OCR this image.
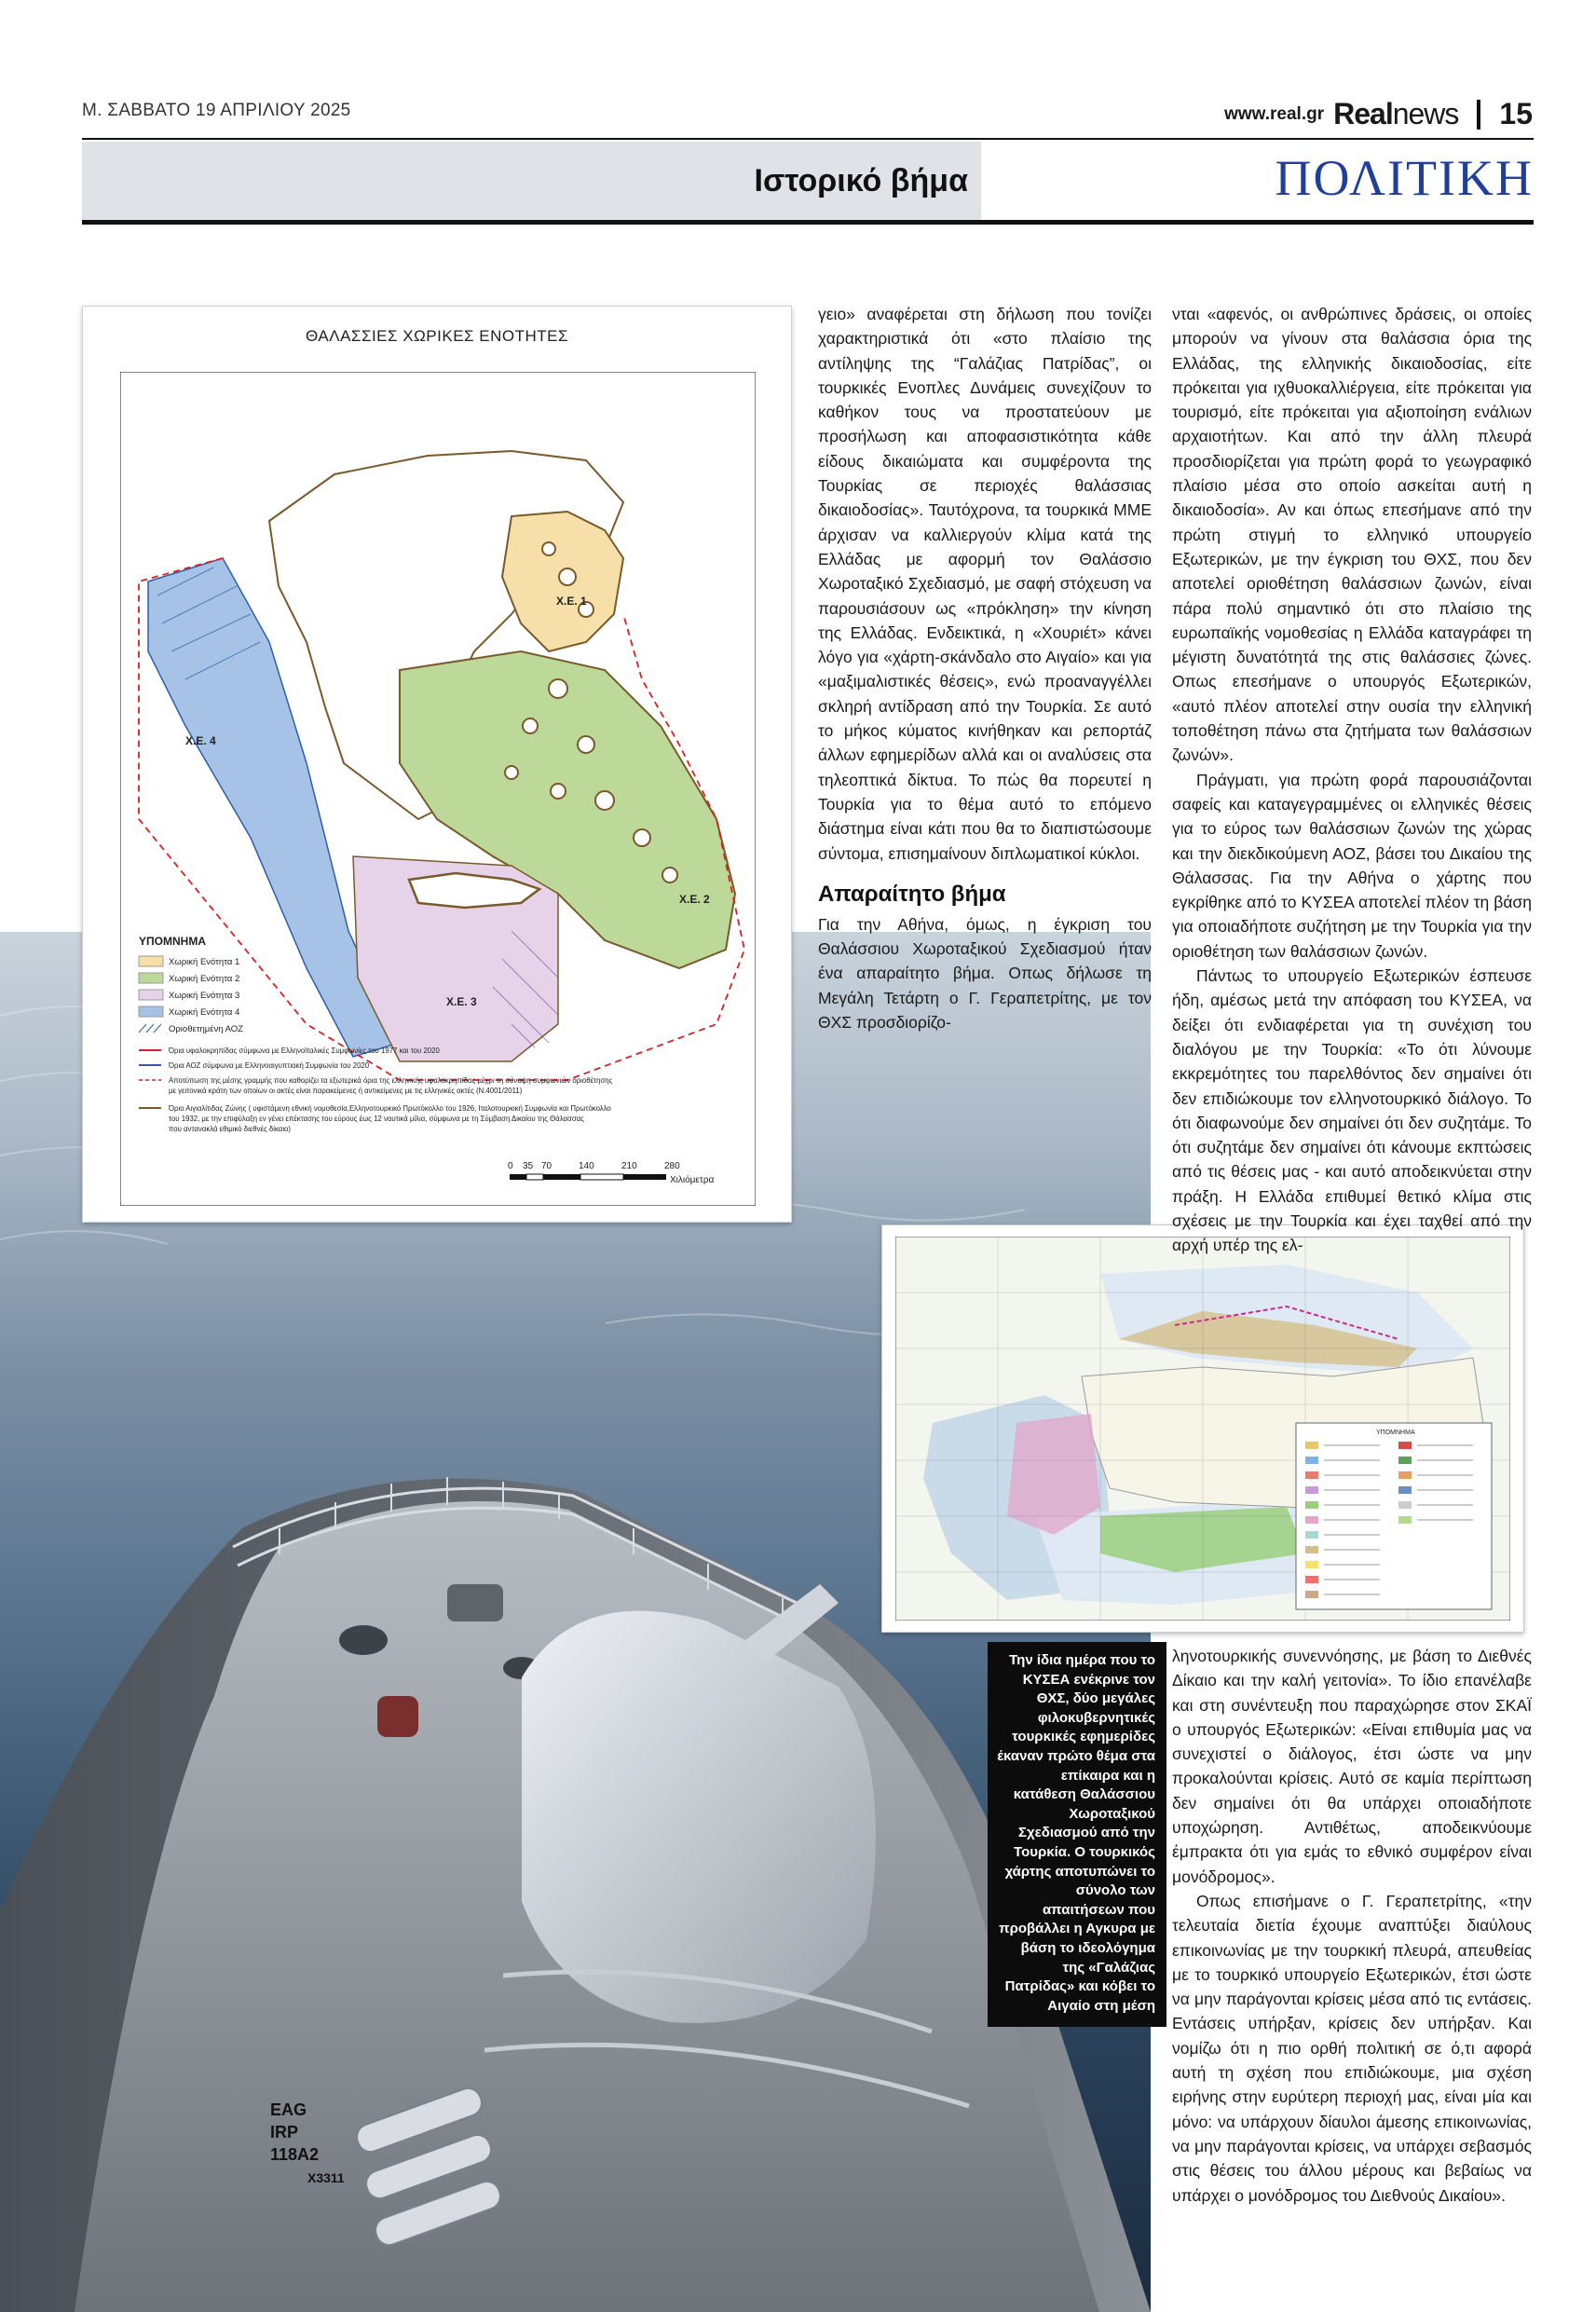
Μ. ΣΑΒΒΑΤΟ 19 ΑΠΡΙΛΙΟΥ 2025	www.real.gr Realnews 15
Ιστορικό βήμα	ΠΟΛΙΤΙΚΗ
EAG
IRP
118A2
X3311
ΘΑΛΑΣΣΙΕΣ ΧΩΡΙΚΕΣ ΕΝΟΤΗΤΕΣ
Χ.Ε. 1
Χ.Ε. 2
Χ.Ε. 3
Χ.Ε. 4
ΥΠΟΜΝΗΜΑ
Χωρική Ενότητα 1
Χωρική Ενότητα 2
Χωρική Ενότητα 3
Χωρική Ενότητα 4
Οριοθετημένη ΑΟΖ
Όρια υφαλοκρηπίδας σύμφωνα με Ελληνοϊταλικές Συμφωνίες του 1977 και του 2020
Όρια ΑΟΖ σύμφωνα με Ελληνοαιγυπτιακή Συμφωνία του 2020
Αποτύπωση της μέσης γραμμής που καθορίζει τα εξωτερικά όρια της ελληνικής υφαλοκρηπίδας μέχρι τη σύναψη συμφωνιών οριοθέτησης
με γειτονικά κράτη των οποίων οι ακτές είναι παρακείμενες ή αντικείμενες με τις ελληνικές ακτές (Ν.4001/2011)
Όριο Αιγιαλίτιδας Ζώνης ( υφιστάμενη εθνική νομοθεσία,Ελληνοτουρκικό Πρωτόκολλο του 1926, Ιταλοτουρκική Συμφωνία και Πρωτόκολλο
του 1932, με την επιφύλαξη εν γένει επέκτασης του εύρους έως 12 ναυτικά μίλια, σύμφωνα με τη Σύμβαση Δικαίου της Θάλασσας
που αντανακλά εθιμικό διεθνές δίκαιο)
0 35 70	140	210	280
Χιλιόμετρα
ΥΠΟΜΝΗΜΑ

γειο» αναφέρεται στη δήλωση που τονίζει χαρακτηριστικά ότι «στο πλαίσιο της αντίληψης της “Γαλάζιας Πατρίδας”, οι τουρκικές Ενοπλες Δυνάμεις συνεχίζουν το καθήκον τους να προστατεύουν με προσήλωση και αποφασιστικότητα κάθε είδους δικαιώματα και συμφέροντα της Τουρκίας σε περιοχές θαλάσσιας δικαιοδοσίας». Ταυτόχρονα, τα τουρκικά ΜΜΕ άρχισαν να καλλιεργούν κλίμα κατά της Ελλάδας με αφορμή τον Θαλάσσιο Χωροταξικό Σχεδιασμό, με σαφή στόχευση να παρουσιάσουν ως «πρόκληση» την κίνηση της Ελλάδας. Ενδεικτικά, η «Χουριέτ» κάνει λόγο για «χάρτη-σκάνδαλο στο Αιγαίο» και για «μαξιμαλιστικές θέσεις», ενώ προαναγγέλλει σκληρή αντίδραση από την Τουρκία. Σε αυτό το μήκος κύματος κινήθηκαν και ρεπορτάζ άλλων εφημερίδων αλλά και οι αναλύσεις στα τηλεοπτικά δίκτυα. Το πώς θα πορευτεί η Τουρκία για το θέμα αυτό το επόμενο διάστημα είναι κάτι που θα το διαπιστώσουμε σύντομα, επισημαίνουν διπλωματικοί κύκλοι.

Απαραίτητο βήμα

Για την Αθήνα, όμως, η έγκριση του Θαλάσσιου Χωροταξικού Σχεδιασμού ήταν ένα απαραίτητο βήμα. Οπως δήλωσε τη Μεγάλη Τετάρτη ο Γ. Γεραπετρίτης, με τον ΘΧΣ προσδιορίζο-

νται «αφενός, οι ανθρώπινες δράσεις, οι οποίες μπορούν να γίνουν στα θαλάσσια όρια της Ελλάδας, της ελληνικής δικαιοδοσίας, είτε πρόκειται για ιχθυοκαλλιέργεια, είτε πρόκειται για τουρισμό, είτε πρόκειται για αξιοποίηση ενάλιων αρχαιοτήτων. Και από την άλλη πλευρά προσδιορίζεται για πρώτη φορά το γεωγραφικό πλαίσιο μέσα στο οποίο ασκείται αυτή η δικαιοδοσία». Αν και όπως επεσήμανε από την πρώτη στιγμή το ελληνικό υπουργείο Εξωτερικών, με την έγκριση του ΘΧΣ, που δεν αποτελεί οριοθέτηση θαλάσσιων ζωνών, είναι πάρα πολύ σημαντικό ότι στο πλαίσιο της ευρωπαϊκής νομοθεσίας η Ελλάδα καταγράφει τη μέγιστη δυνατότητά της στις θαλάσσιες ζώνες. Οπως επεσήμανε ο υπουργός Εξωτερικών, «αυτό πλέον αποτελεί στην ουσία την ελληνική τοποθέτηση πάνω στα ζητήματα των θαλάσσιων ζωνών».

Πράγματι, για πρώτη φορά παρουσιάζονται σαφείς και καταγεγραμμένες οι ελληνικές θέσεις για το εύρος των θαλάσσιων ζωνών της χώρας και την διεκδικούμενη ΑΟΖ, βάσει του Δικαίου της Θάλασσας. Για την Αθήνα ο χάρτης που εγκρίθηκε από το ΚΥΣΕΑ αποτελεί πλέον τη βάση για οποιαδήποτε συζήτηση με την Τουρκία για την οριοθέτηση των θαλάσσιων ζωνών.

Πάντως το υπουργείο Εξωτερικών έσπευσε ήδη, αμέσως μετά την απόφαση του ΚΥΣΕΑ, να δείξει ότι ενδιαφέρεται για τη συνέχιση του διαλόγου με την Τουρκία: «Το ότι λύνουμε εκκρεμότητες του παρελθόντος δεν σημαίνει ότι δεν επιδιώκουμε τον ελληνοτουρκικό διάλογο. Το ότι διαφωνούμε δεν σημαίνει ότι δεν συζητάμε. Το ότι συζητάμε δεν σημαίνει ότι κάνουμε εκπτώσεις από τις θέσεις μας - και αυτό αποδεικνύεται στην πράξη. Η Ελλάδα επιθυμεί θετικό κλίμα στις σχέσεις με την Τουρκία και έχει ταχθεί από την αρχή υπέρ της ελ-

ληνοτουρκικής συνεννόησης, με βάση το Διεθνές Δίκαιο και την καλή γειτονία». Το ίδιο επανέλαβε και στη συνέντευξη που παραχώρησε στον ΣΚΑΪ ο υπουργός Εξωτερικών: «Είναι επιθυμία μας να συνεχιστεί ο διάλογος, έτσι ώστε να μην προκαλούνται κρίσεις. Αυτό σε καμία περίπτωση δεν σημαίνει ότι θα υπάρχει οποιαδήποτε υποχώρηση. Αντιθέτως, αποδεικνύουμε έμπρακτα ότι για εμάς το εθνικό συμφέρον είναι μονόδρομος».

Οπως επισήμανε ο Γ. Γεραπετρίτης, «την τελευταία διετία έχουμε αναπτύξει διαύλους επικοινωνίας με την τουρκική πλευρά, απευθείας με το τουρκικό υπουργείο Εξωτερικών, έτσι ώστε να μην παράγονται κρίσεις μέσα από τις εντάσεις. Εντάσεις υπήρξαν, κρίσεις δεν υπήρξαν. Και νομίζω ότι η πιο ορθή πολιτική σε ό,τι αφορά αυτή τη σχέση που επιδιώκουμε, μια σχέση ειρήνης στην ευρύτερη περιοχή μας, είναι μία και μόνο: να υπάρχουν δίαυλοι άμεσης επικοινωνίας, να μην παράγονται κρίσεις, να υπάρχει σεβασμός στις θέσεις του άλλου μέρους και βεβαίως να υπάρχει ο μονόδρομος του Διεθνούς Δικαίου».

Την ίδια ημέρα που το ΚΥΣΕΑ ενέκρινε τον ΘΧΣ, δύο μεγάλες φιλοκυβερνητικές τουρκικές εφημερίδες έκαναν πρώτο θέμα στα επίκαιρα και η κατάθεση Θαλάσσιου Χωροταξικού Σχεδιασμού από την Τουρκία. Ο τουρκικός χάρτης αποτυπώνει το σύνολο των απαιτήσεων που προβάλλει η Αγκυρα με βάση το ιδεολόγημα της «Γαλάζιας Πατρίδας» και κόβει το Αιγαίο στη μέση
